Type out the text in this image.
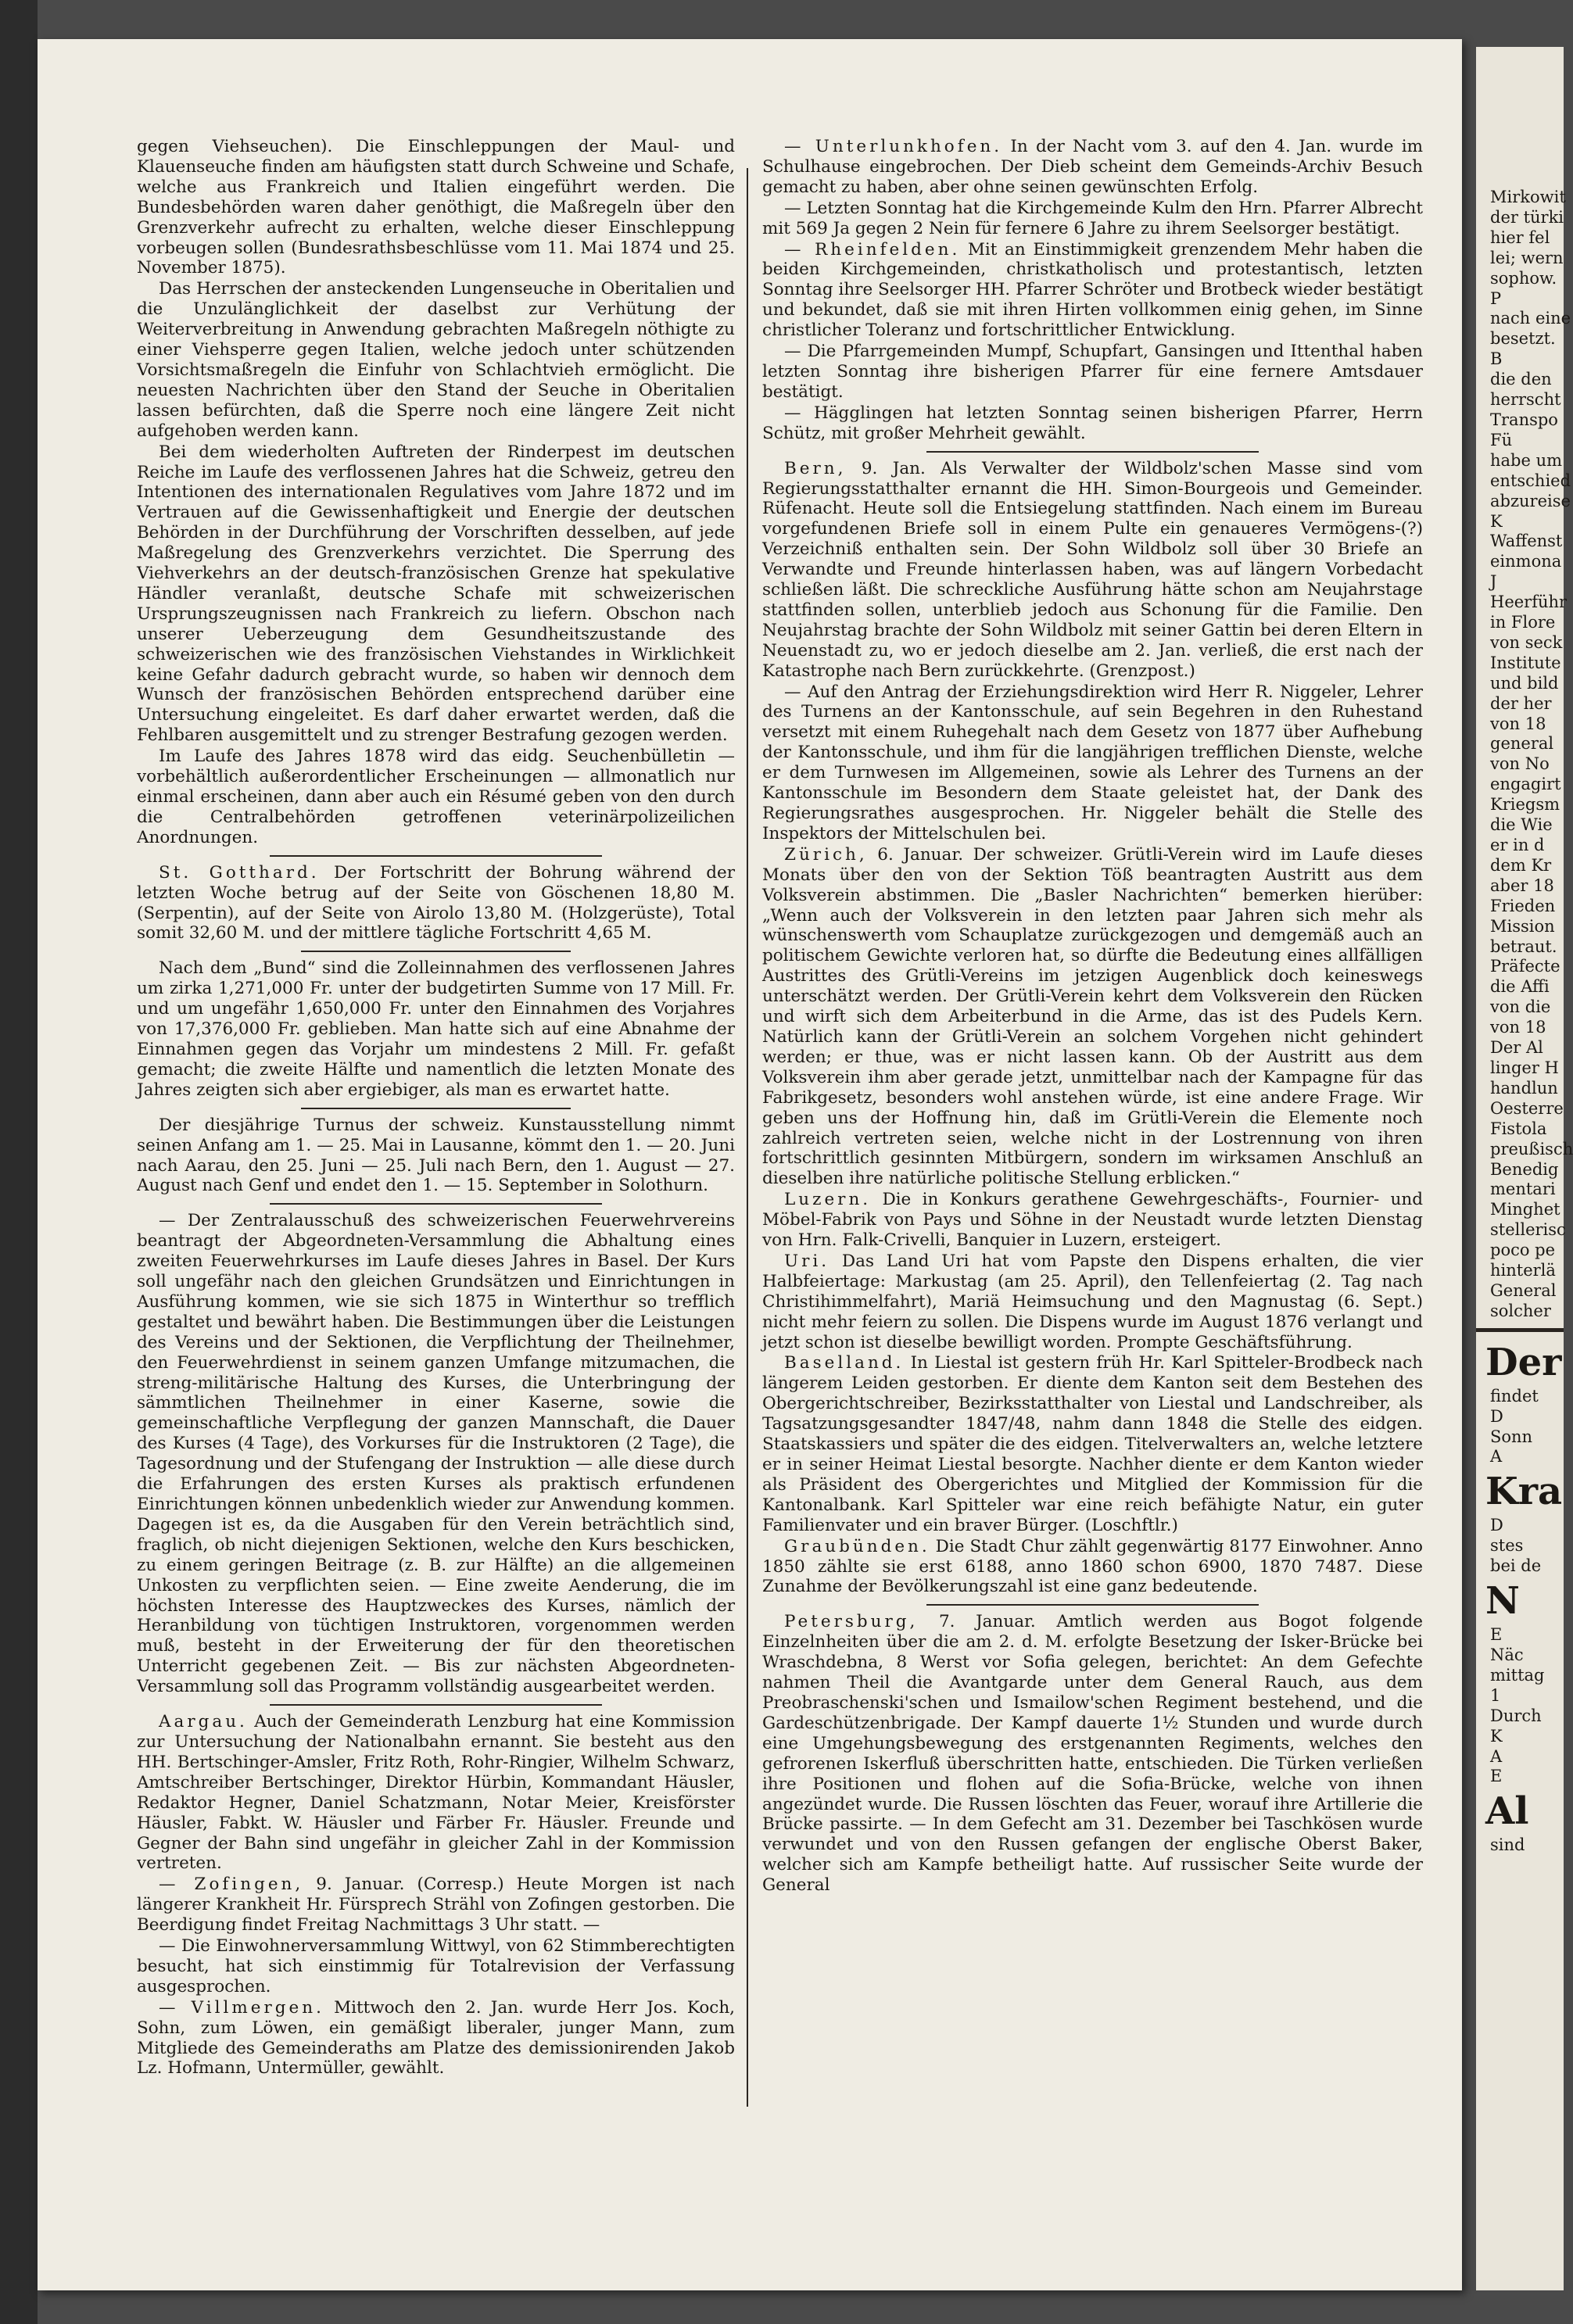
gegen Viehseuchen). Die Einschleppungen der Maul- und Klauenseuche finden am häufigsten statt durch Schweine und Schafe, welche aus Frankreich und Italien eingeführt werden. Die Bundesbehörden waren daher genöthigt, die Maßregeln über den Grenzverkehr aufrecht zu erhalten, welche dieser Einschleppung vorbeugen sollen (Bundesrathsbeschlüsse vom 11. Mai 1874 und 25. November 1875).

Das Herrschen der ansteckenden Lungenseuche in Oberitalien und die Unzulänglichkeit der daselbst zur Verhütung der Weiterverbreitung in Anwendung gebrachten Maßregeln nöthigte zu einer Viehsperre gegen Italien, welche jedoch unter schützenden Vorsichtsmaßregeln die Einfuhr von Schlachtvieh ermöglicht. Die neuesten Nachrichten über den Stand der Seuche in Oberitalien lassen befürchten, daß die Sperre noch eine längere Zeit nicht aufgehoben werden kann.

Bei dem wiederholten Auftreten der Rinderpest im deutschen Reiche im Laufe des verflossenen Jahres hat die Schweiz, getreu den Intentionen des internationalen Regulatives vom Jahre 1872 und im Vertrauen auf die Gewissenhaftigkeit und Energie der deutschen Behörden in der Durchführung der Vorschriften desselben, auf jede Maßregelung des Grenzverkehrs verzichtet. Die Sperrung des Viehverkehrs an der deutsch-französischen Grenze hat spekulative Händler veranlaßt, deutsche Schafe mit schweizerischen Ursprungszeugnissen nach Frankreich zu liefern. Obschon nach unserer Ueberzeugung dem Gesundheitszustande des schweizerischen wie des französischen Viehstandes in Wirklichkeit keine Gefahr dadurch gebracht wurde, so haben wir dennoch dem Wunsch der französischen Behörden entsprechend darüber eine Untersuchung eingeleitet. Es darf daher erwartet werden, daß die Fehlbaren ausgemittelt und zu strenger Bestrafung gezogen werden.

Im Laufe des Jahres 1878 wird das eidg. Seuchenbülletin — vorbehältlich außerordentlicher Erscheinungen — allmonatlich nur einmal erscheinen, dann aber auch ein Résumé geben von den durch die Centralbehörden getroffenen veterinärpolizeilichen Anordnungen.

St. Gotthard. Der Fortschritt der Bohrung während der letzten Woche betrug auf der Seite von Göschenen 18,80 M. (Serpentin), auf der Seite von Airolo 13,80 M. (Holzgerüste), Total somit 32,60 M. und der mittlere tägliche Fortschritt 4,65 M.

Nach dem „Bund“ sind die Zolleinnahmen des verflossenen Jahres um zirka 1,271,000 Fr. unter der budgetirten Summe von 17 Mill. Fr. und um ungefähr 1,650,000 Fr. unter den Einnahmen des Vorjahres von 17,376,000 Fr. geblieben. Man hatte sich auf eine Abnahme der Einnahmen gegen das Vorjahr um mindestens 2 Mill. Fr. gefaßt gemacht; die zweite Hälfte und namentlich die letzten Monate des Jahres zeigten sich aber ergiebiger, als man es erwartet hatte.

Der diesjährige Turnus der schweiz. Kunstausstellung nimmt seinen Anfang am 1. — 25. Mai in Lausanne, kömmt den 1. — 20. Juni nach Aarau, den 25. Juni — 25. Juli nach Bern, den 1. August — 27. August nach Genf und endet den 1. — 15. September in Solothurn.

— Der Zentralausschuß des schweizerischen Feuerwehrvereins beantragt der Abgeordneten-Versammlung die Abhaltung eines zweiten Feuerwehrkurses im Laufe dieses Jahres in Basel. Der Kurs soll ungefähr nach den gleichen Grundsätzen und Einrichtungen in Ausführung kommen, wie sie sich 1875 in Winterthur so trefflich gestaltet und bewährt haben. Die Bestimmungen über die Leistungen des Vereins und der Sektionen, die Verpflichtung der Theilnehmer, den Feuerwehrdienst in seinem ganzen Umfange mitzumachen, die streng-militärische Haltung des Kurses, die Unterbringung der sämmtlichen Theilnehmer in einer Kaserne, sowie die gemeinschaftliche Verpflegung der ganzen Mannschaft, die Dauer des Kurses (4 Tage), des Vorkurses für die Instruktoren (2 Tage), die Tagesordnung und der Stufengang der Instruktion — alle diese durch die Erfahrungen des ersten Kurses als praktisch erfundenen Einrichtungen können unbedenklich wieder zur Anwendung kommen. Dagegen ist es, da die Ausgaben für den Verein beträchtlich sind, fraglich, ob nicht diejenigen Sektionen, welche den Kurs beschicken, zu einem geringen Beitrage (z. B. zur Hälfte) an die allgemeinen Unkosten zu verpflichten seien. — Eine zweite Aenderung, die im höchsten Interesse des Hauptzweckes des Kurses, nämlich der Heranbildung von tüchtigen Instruktoren, vorgenommen werden muß, besteht in der Erweiterung der für den theoretischen Unterricht gegebenen Zeit. — Bis zur nächsten Abgeordneten-Versammlung soll das Programm vollständig ausgearbeitet werden.

Aargau. Auch der Gemeinderath Lenzburg hat eine Kommission zur Untersuchung der Nationalbahn ernannt. Sie besteht aus den HH. Bertschinger-Amsler, Fritz Roth, Rohr-Ringier, Wilhelm Schwarz, Amtschreiber Bertschinger, Direktor Hürbin, Kommandant Häusler, Redaktor Hegner, Daniel Schatzmann, Notar Meier, Kreisförster Häusler, Fabkt. W. Häusler und Färber Fr. Häusler. Freunde und Gegner der Bahn sind ungefähr in gleicher Zahl in der Kommission vertreten.

— Zofingen, 9. Januar. (Corresp.) Heute Morgen ist nach längerer Krankheit Hr. Fürsprech Strähl von Zofingen gestorben. Die Beerdigung findet Freitag Nachmittags 3 Uhr statt. —

— Die Einwohnerversammlung Wittwyl, von 62 Stimmberechtigten besucht, hat sich einstimmig für Totalrevision der Verfassung ausgesprochen.

— Villmergen. Mittwoch den 2. Jan. wurde Herr Jos. Koch, Sohn, zum Löwen, ein gemäßigt liberaler, junger Mann, zum Mitgliede des Gemeinderaths am Platze des demissionirenden Jakob Lz. Hofmann, Untermüller, gewählt.

— Unterlunkhofen. In der Nacht vom 3. auf den 4. Jan. wurde im Schulhause eingebrochen. Der Dieb scheint dem Gemeinds-Archiv Besuch gemacht zu haben, aber ohne seinen gewünschten Erfolg.

— Letzten Sonntag hat die Kirchgemeinde Kulm den Hrn. Pfarrer Albrecht mit 569 Ja gegen 2 Nein für fernere 6 Jahre zu ihrem Seelsorger bestätigt.

— Rheinfelden. Mit an Einstimmigkeit grenzendem Mehr haben die beiden Kirchgemeinden, christkatholisch und protestantisch, letzten Sonntag ihre Seelsorger HH. Pfarrer Schröter und Brotbeck wieder bestätigt und bekundet, daß sie mit ihren Hirten vollkommen einig gehen, im Sinne christlicher Toleranz und fortschrittlicher Entwicklung.

— Die Pfarrgemeinden Mumpf, Schupfart, Gansingen und Ittenthal haben letzten Sonntag ihre bisherigen Pfarrer für eine fernere Amtsdauer bestätigt.

— Hägglingen hat letzten Sonntag seinen bisherigen Pfarrer, Herrn Schütz, mit großer Mehrheit gewählt.

Bern, 9. Jan. Als Verwalter der Wildbolz'schen Masse sind vom Regierungsstatthalter ernannt die HH. Simon-Bourgeois und Gemeinder. Rüfenacht. Heute soll die Entsiegelung stattfinden. Nach einem im Bureau vorgefundenen Briefe soll in einem Pulte ein genaueres Vermögens-(?) Verzeichniß enthalten sein. Der Sohn Wildbolz soll über 30 Briefe an Verwandte und Freunde hinterlassen haben, was auf längern Vorbedacht schließen läßt. Die schreckliche Ausführung hätte schon am Neujahrstage stattfinden sollen, unterblieb jedoch aus Schonung für die Familie. Den Neujahrstag brachte der Sohn Wildbolz mit seiner Gattin bei deren Eltern in Neuenstadt zu, wo er jedoch dieselbe am 2. Jan. verließ, die erst nach der Katastrophe nach Bern zurückkehrte. (Grenzpost.)

— Auf den Antrag der Erziehungsdirektion wird Herr R. Niggeler, Lehrer des Turnens an der Kantonsschule, auf sein Begehren in den Ruhestand versetzt mit einem Ruhegehalt nach dem Gesetz von 1877 über Aufhebung der Kantonsschule, und ihm für die langjährigen trefflichen Dienste, welche er dem Turnwesen im Allgemeinen, sowie als Lehrer des Turnens an der Kantonsschule im Besondern dem Staate geleistet hat, der Dank des Regierungsrathes ausgesprochen. Hr. Niggeler behält die Stelle des Inspektors der Mittelschulen bei.

Zürich, 6. Januar. Der schweizer. Grütli-Verein wird im Laufe dieses Monats über den von der Sektion Töß beantragten Austritt aus dem Volksverein abstimmen. Die „Basler Nachrichten“ bemerken hierüber: „Wenn auch der Volksverein in den letzten paar Jahren sich mehr als wünschenswerth vom Schauplatze zurückgezogen und demgemäß auch an politischem Gewichte verloren hat, so dürfte die Bedeutung eines allfälligen Austrittes des Grütli-Vereins im jetzigen Augenblick doch keineswegs unterschätzt werden. Der Grütli-Verein kehrt dem Volksverein den Rücken und wirft sich dem Arbeiterbund in die Arme, das ist des Pudels Kern. Natürlich kann der Grütli-Verein an solchem Vorgehen nicht gehindert werden; er thue, was er nicht lassen kann. Ob der Austritt aus dem Volksverein ihm aber gerade jetzt, unmittelbar nach der Kampagne für das Fabrikgesetz, besonders wohl anstehen würde, ist eine andere Frage. Wir geben uns der Hoffnung hin, daß im Grütli-Verein die Elemente noch zahlreich vertreten seien, welche nicht in der Lostrennung von ihren fortschrittlich gesinnten Mitbürgern, sondern im wirksamen Anschluß an dieselben ihre natürliche politische Stellung erblicken.“

Luzern. Die in Konkurs gerathene Gewehrgeschäfts-, Fournier- und Möbel-Fabrik von Pays und Söhne in der Neustadt wurde letzten Dienstag von Hrn. Falk-Crivelli, Banquier in Luzern, ersteigert.

Uri. Das Land Uri hat vom Papste den Dispens erhalten, die vier Halbfeiertage: Markustag (am 25. April), den Tellenfeiertag (2. Tag nach Christihimmelfahrt), Mariä Heimsuchung und den Magnustag (6. Sept.) nicht mehr feiern zu sollen. Die Dispens wurde im August 1876 verlangt und jetzt schon ist dieselbe bewilligt worden. Prompte Geschäftsführung.

Baselland. In Liestal ist gestern früh Hr. Karl Spitteler-Brodbeck nach längerem Leiden gestorben. Er diente dem Kanton seit dem Bestehen des Obergerichtschreiber, Bezirksstatthalter von Liestal und Landschreiber, als Tagsatzungsgesandter 1847/48, nahm dann 1848 die Stelle des eidgen. Staatskassiers und später die des eidgen. Titelverwalters an, welche letztere er in seiner Heimat Liestal besorgte. Nachher diente er dem Kanton wieder als Präsident des Obergerichtes und Mitglied der Kommission für die Kantonalbank. Karl Spitteler war eine reich befähigte Natur, ein guter Familienvater und ein braver Bürger. (Loschftlr.)

Graubünden. Die Stadt Chur zählt gegenwärtig 8177 Einwohner. Anno 1850 zählte sie erst 6188, anno 1860 schon 6900, 1870 7487. Diese Zunahme der Bevölkerungszahl ist eine ganz bedeutende.

Petersburg, 7. Januar. Amtlich werden aus Bogot folgende Einzelnheiten über die am 2. d. M. erfolgte Besetzung der Isker-Brücke bei Wraschdebna, 8 Werst vor Sofia gelegen, berichtet: An dem Gefechte nahmen Theil die Avantgarde unter dem General Rauch, aus dem Preobraschenski'schen und Ismailow'schen Regiment bestehend, und die Gardeschützenbrigade. Der Kampf dauerte 1½ Stunden und wurde durch eine Umgehungsbewegung des erstgenannten Regiments, welches den gefrorenen Iskerfluß überschritten hatte, entschieden. Die Türken verließen ihre Positionen und flohen auf die Sofia-Brücke, welche von ihnen angezündet wurde. Die Russen löschten das Feuer, worauf ihre Artillerie die Brücke passirte. — In dem Gefecht am 31. Dezember bei Taschkösen wurde verwundet und von den Russen gefangen der englische Oberst Baker, welcher sich am Kampfe betheiligt hatte. Auf russischer Seite wurde der General

Mirkowit
der türki
hier fel
lei; wern
sophow.
P
nach eine
besetzt.
B
die den
herrscht
Transpo
Fü
habe um
entschied
abzureise
K
Waffenst
einmona
J
Heerführ
in Flore
von seck
Institute
und bild
der her
von 18
general
von No
engagirt
Kriegsm
die Wie
er in d
dem Kr
aber 18
Frieden
Mission
betraut.
Präfecte
die Affi
von die
von 18
Der Al
linger H
handlun
Oesterre
Fistola
preußisch
Benedig
mentari
Minghet
stellerisc
poco pe
hinterlä
General
solcher
Der
findet
D
Sonn
A
Kra
D
stes
bei de
N
E
Näc
mittag
1
Durch
K
A
E
Al
sind
